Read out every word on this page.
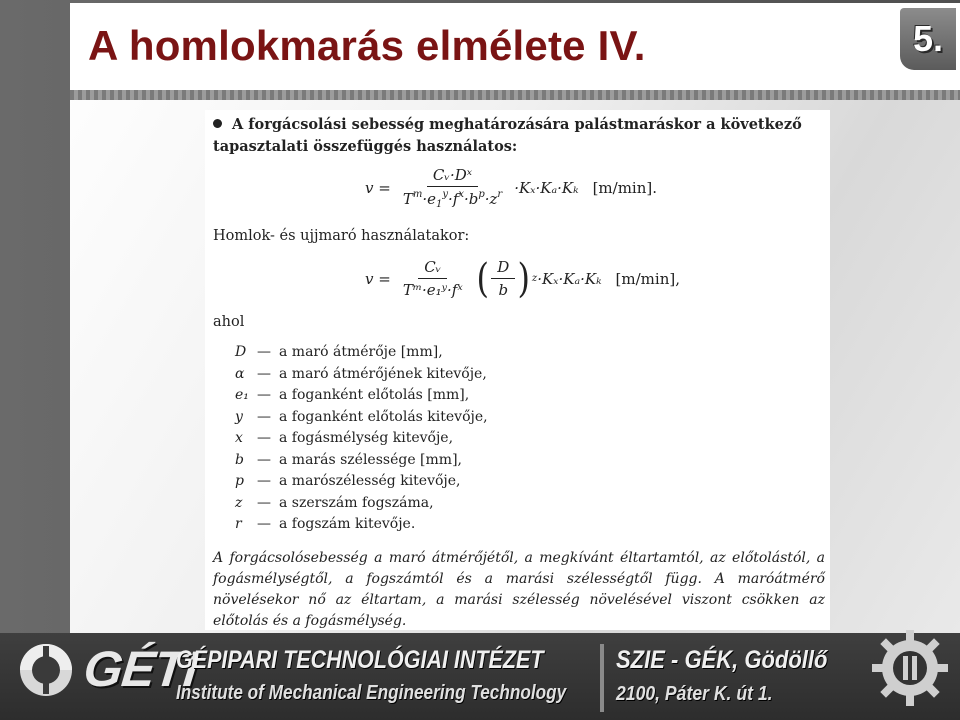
A homlokmarás elmélete IV.	5.
A forgácsolási sebesség meghatározására palástmaráskor a következő tapasztalati összefüggés használatos:
$v = \frac{\text{Cᵥ·Dˣ}}{T^m\cdot e_1^y\cdot f^x\cdot b^p\cdot z^r} \cdot K_x\cdot K_a\cdot K_k$ [m/min].
Homlok- és ujjmaró használatakor:
$v = \frac{\text{Cᵥ}}{\text{Tᵐ·e₁ʸ·fˣ}}$ ( $\frac{D}{b}$ ) z ·Kₓ·Kₐ·Kₖ [m/min],
ahol
D — a maró átmérője [mm],
α — a maró átmérőjének kitevője,
e₁ — a foganként előtolás [mm],
y — a foganként előtolás kitevője,
x — a fogásmélység kitevője,
b — a marás szélessége [mm],
p — a marószélesség kitevője,
z — a szerszám fogszáma,
r — a fogszám kitevője.
A forgácsolósebesség a maró átmérőjétől, a megkívánt éltartamtól, az előtolástól, a fogásmélységtől, a fogszámtól és a marási szélességtől függ. A maróátmérő növelésekor nő az éltartam, a marási szélesség növelésével viszont csökken az előtolás és a fogásmélység.
GÉTI
GÉPIPARI TECHNOLÓGIAI INTÉZET
Institute of Mechanical Engineering Technology
SZIE - GÉK, Gödöllő
2100, Páter K. út 1.
